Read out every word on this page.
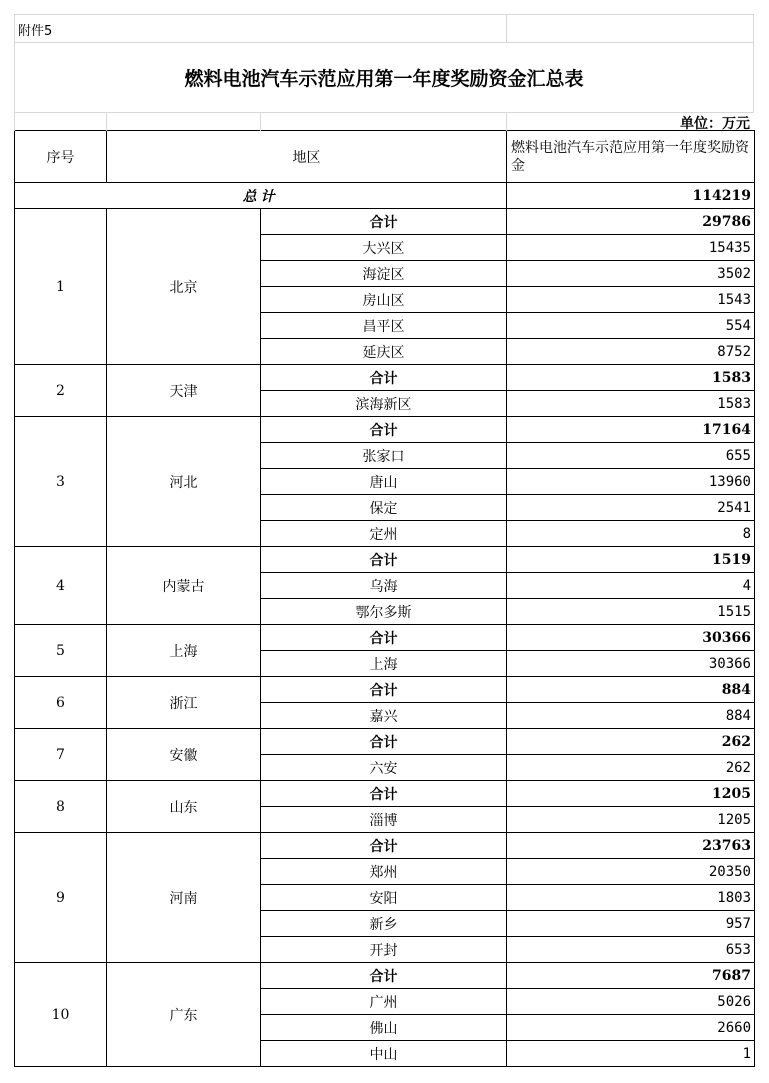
附件5
燃料电池汽车示范应用第一年度奖励资金汇总表
单位：万元
序号	地区		燃料电池汽车示范应用第一年度奖励资金
总计			114219
1	北京	合计	29786
		大兴区	15435
		海淀区	3502
		房山区	1543
		昌平区	554
		延庆区	8752
2	天津	合计	1583
		滨海新区	1583
3	河北	合计	17164
		张家口	655
		唐山	13960
		保定	2541
		定州	8
4	内蒙古	合计	1519
		乌海	4
		鄂尔多斯	1515
5	上海	合计	30366
		上海	30366
6	浙江	合计	884
		嘉兴	884
7	安徽	合计	262
		六安	262
8	山东	合计	1205
		淄博	1205
9	河南	合计	23763
		郑州	20350
		安阳	1803
		新乡	957
		开封	653
10	广东	合计	7687
		广州	5026
		佛山	2660
		中山	1
